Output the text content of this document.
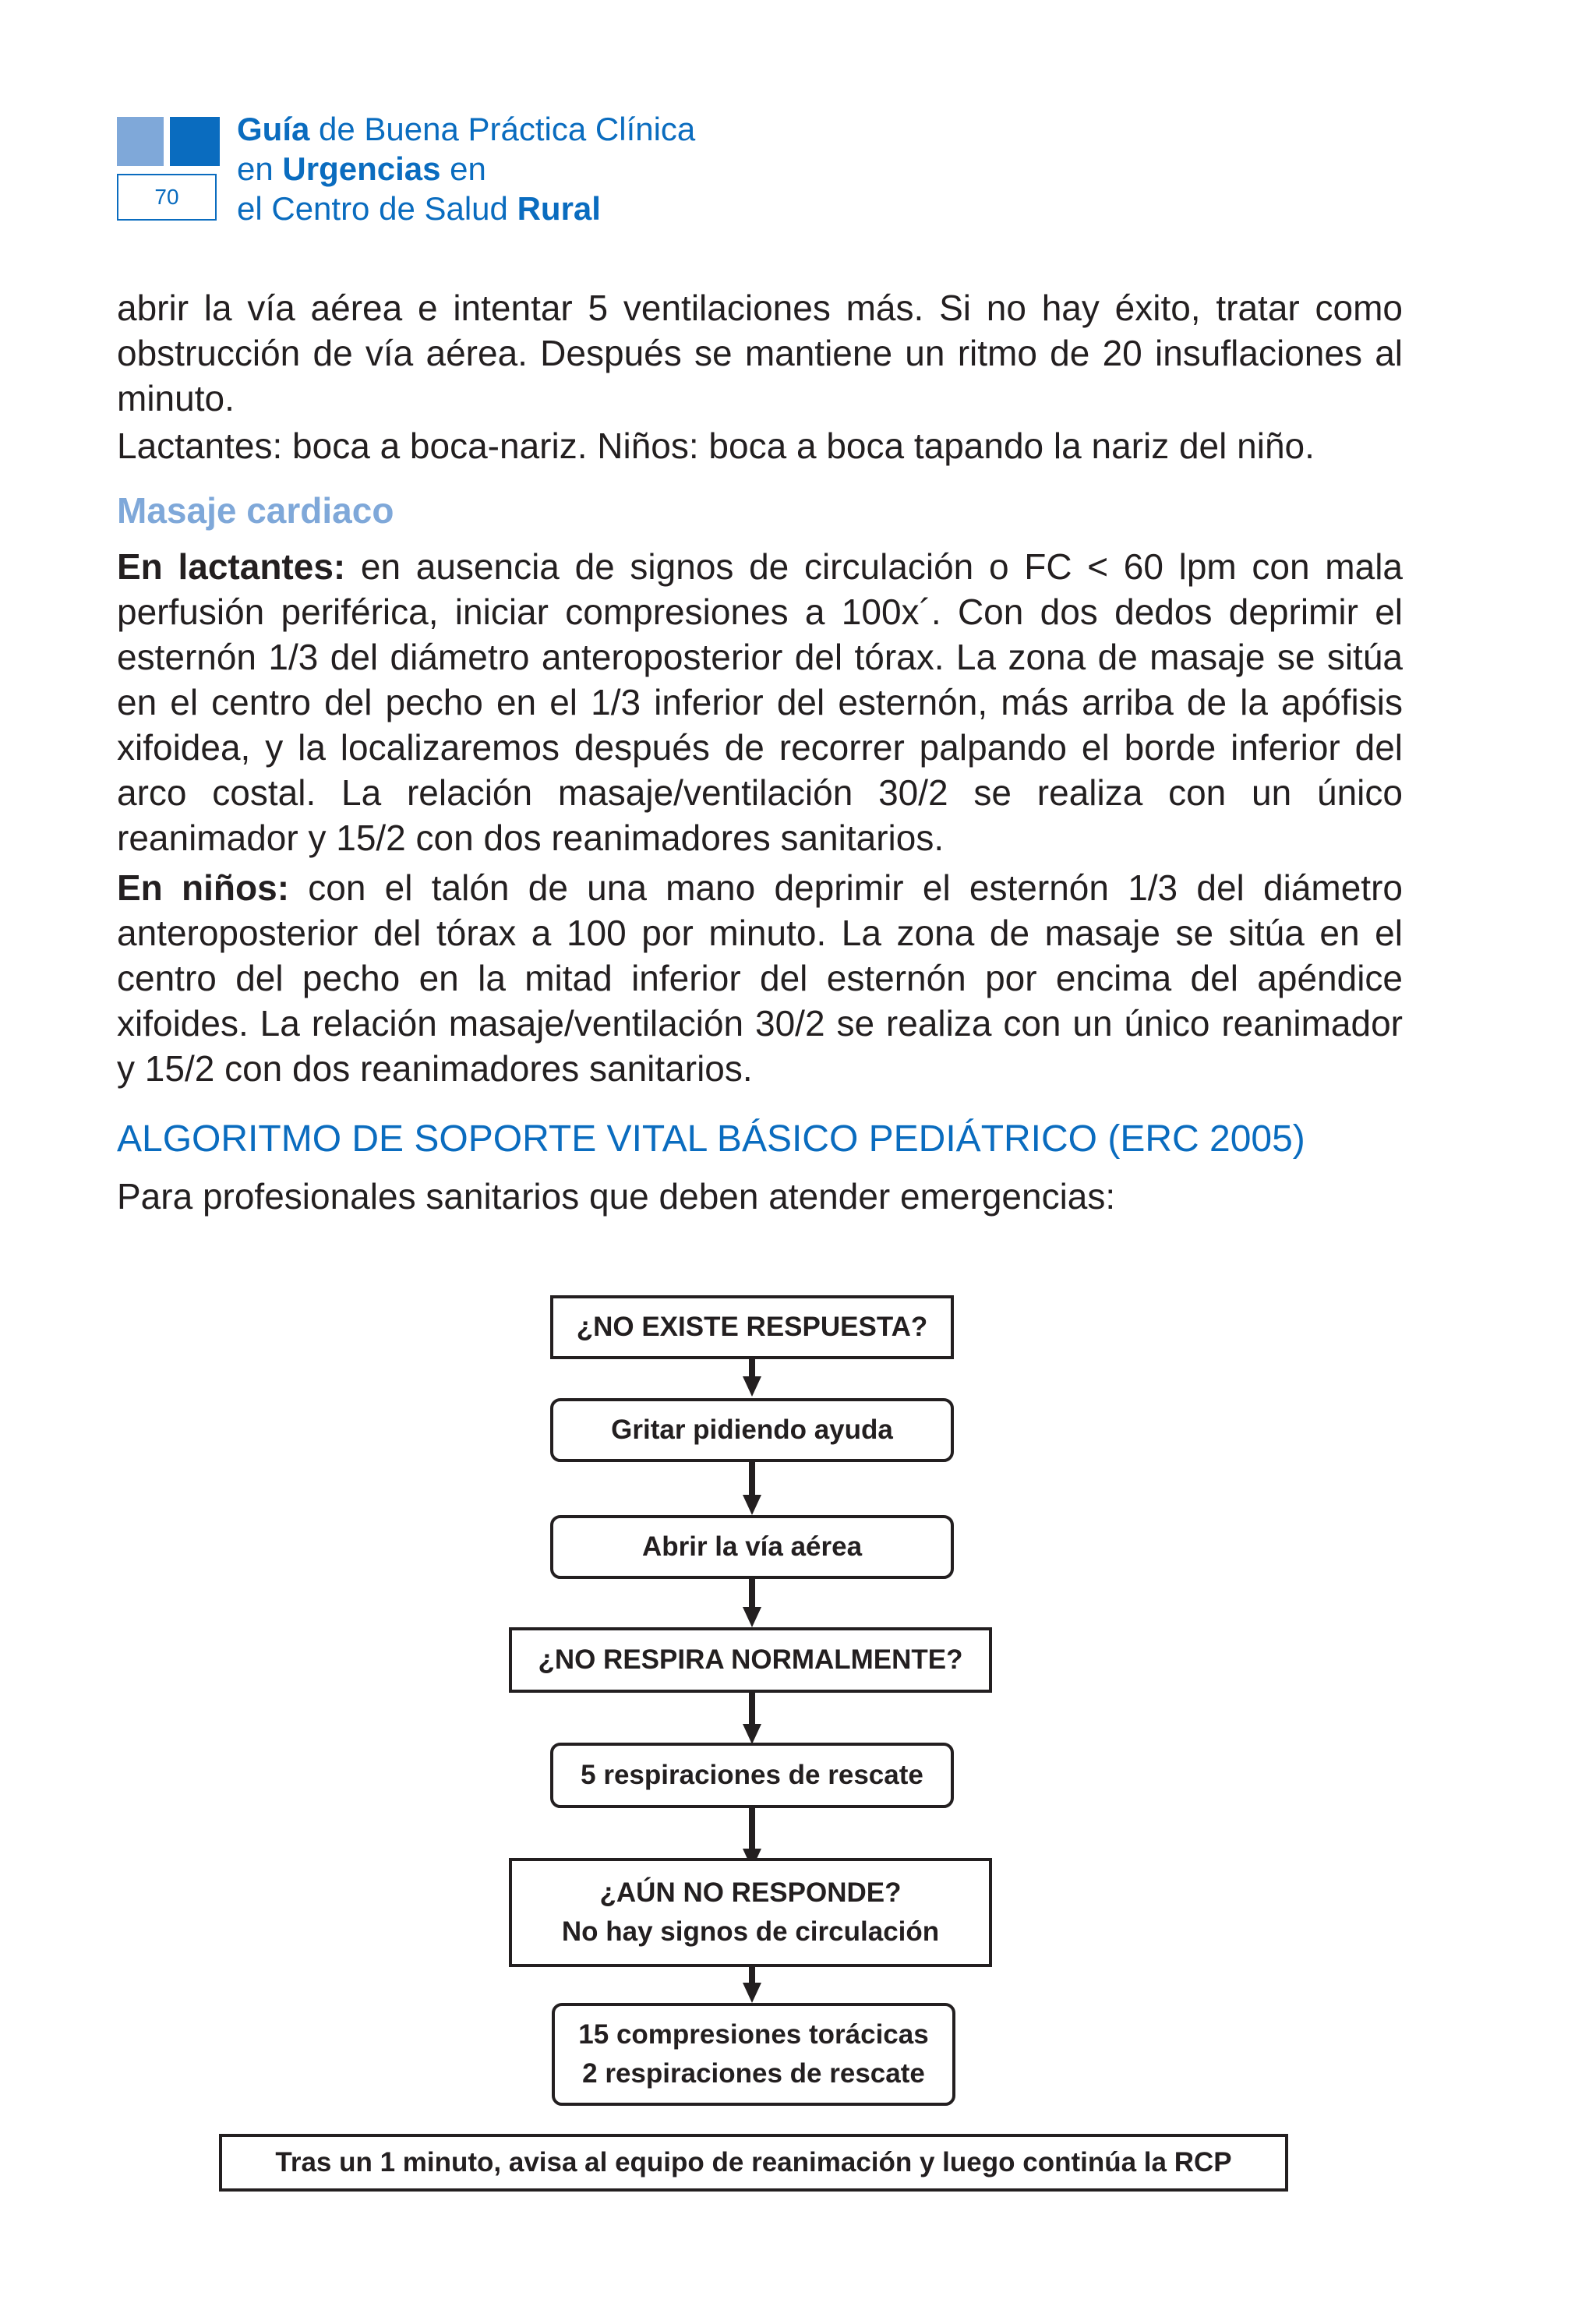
70
Guía de Buena Práctica Clínica
en Urgencias en
el Centro de Salud Rural
abrir la vía aérea e intentar 5 ventilaciones más. Si no hay éxito, tratar como obstrucción de vía aérea. Después se mantiene un ritmo de 20 insuflaciones al minuto.
Lactantes: boca a boca-nariz. Niños: boca a boca tapando la nariz del niño.
Masaje cardiaco
En lactantes: en ausencia de signos de circulación o FC < 60 lpm con mala perfusión periférica, iniciar compresiones a 100x´. Con dos dedos deprimir el esternón 1/3 del diámetro anteroposterior del tórax. La zona de masaje se sitúa en el centro del pecho en el 1/3 inferior del esternón, más arriba de la apófisis xifoidea, y la localizaremos después de recorrer palpando el borde inferior del arco costal. La relación masaje/ventilación 30/2 se realiza con un único reanimador y 15/2 con dos reanimadores sanitarios.
En niños: con el talón de una mano deprimir el esternón 1/3 del diámetro anteroposterior del tórax a 100 por minuto. La zona de masaje se sitúa en el centro del pecho en la mitad inferior del esternón por encima del apéndice xifoides. La relación masaje/ventilación 30/2 se realiza con un único reanimador y 15/2 con dos reanimadores sanitarios.
ALGORITMO DE SOPORTE VITAL BÁSICO PEDIÁTRICO (ERC 2005)
Para profesionales sanitarios que deben atender emergencias:
¿NO EXISTE RESPUESTA?
Gritar pidiendo ayuda
Abrir la vía aérea
¿NO RESPIRA NORMALMENTE?
5 respiraciones de rescate
¿AÚN NO RESPONDE?
No hay signos de circulación
15 compresiones torácicas
2 respiraciones de rescate
Tras un 1 minuto, avisa al equipo de reanimación y luego continúa la RCP
